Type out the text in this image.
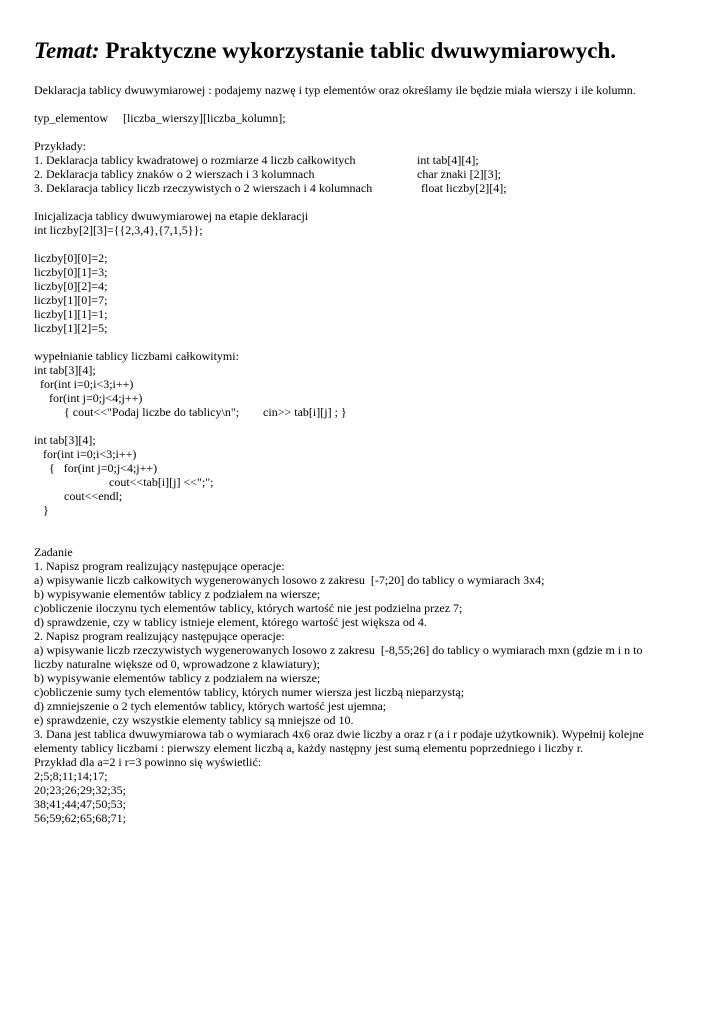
Temat: Praktyczne wykorzystanie tablic dwuwymiarowych.
Deklaracja tablicy dwuwymiarowej : podajemy nazwę i typ elementów oraz określamy ile będzie miała wierszy i ile kolumn.
typ_elementow     [liczba_wierszy][liczba_kolumn];
Przykłady:
1. Deklaracja tablicy kwadratowej o rozmiarze 4 liczb całkowitych	int tab[4][4];
2. Deklaracja tablicy znaków o 2 wierszach i 3 kolumnach	char znaki [2][3];
3. Deklaracja tablicy liczb rzeczywistych o 2 wierszach i 4 kolumnach	float liczby[2][4];
Inicjalizacja tablicy dwuwymiarowej na etapie deklaracji
int liczby[2][3]={{2,3,4},{7,1,5}};
liczby[0][0]=2;
liczby[0][1]=3;
liczby[0][2]=4;
liczby[1][0]=7;
liczby[1][1]=1;
liczby[1][2]=5;
wypełnianie tablicy liczbami całkowitymi:
int tab[3][4];
for(int i=0;i<3;i++)
for(int j=0;j<4;j++)
{ cout<<"Podaj liczbe do tablicy\n";        cin>> tab[i][j] ; }
int tab[3][4];
for(int i=0;i<3;i++)
{   for(int j=0;j<4;j++)
cout<<tab[i][j] <<";";
cout<<endl;
}
Zadanie
1. Napisz program realizujący następujące operacje:
a) wpisywanie liczb całkowitych wygenerowanych losowo z zakresu  [-7;20] do tablicy o wymiarach 3x4;
b) wypisywanie elementów tablicy z podziałem na wiersze;
c)obliczenie iloczynu tych elementów tablicy, których wartość nie jest podzielna przez 7;
d) sprawdzenie, czy w tablicy istnieje element, którego wartość jest większa od 4.
2. Napisz program realizujący następujące operacje:
a) wpisywanie liczb rzeczywistych wygenerowanych losowo z zakresu  [-8,55;26] do tablicy o wymiarach mxn (gdzie m i n to
liczby naturalne większe od 0, wprowadzone z klawiatury);
b) wypisywanie elementów tablicy z podziałem na wiersze;
c)obliczenie sumy tych elementów tablicy, których numer wiersza jest liczbą nieparzystą;
d) zmniejszenie o 2 tych elementów tablicy, których wartość jest ujemna;
e) sprawdzenie, czy wszystkie elementy tablicy są mniejsze od 10.
3. Dana jest tablica dwuwymiarowa tab o wymiarach 4x6 oraz dwie liczby a oraz r (a i r podaje użytkownik). Wypełnij kolejne
elementy tablicy liczbami : pierwszy element liczbą a, każdy następny jest sumą elementu poprzedniego i liczby r.
Przykład dla a=2 i r=3 powinno się wyświetlić:
2;5;8;11;14;17;
20;23;26;29;32;35;
38;41;44;47;50;53;
56;59;62;65;68;71;
